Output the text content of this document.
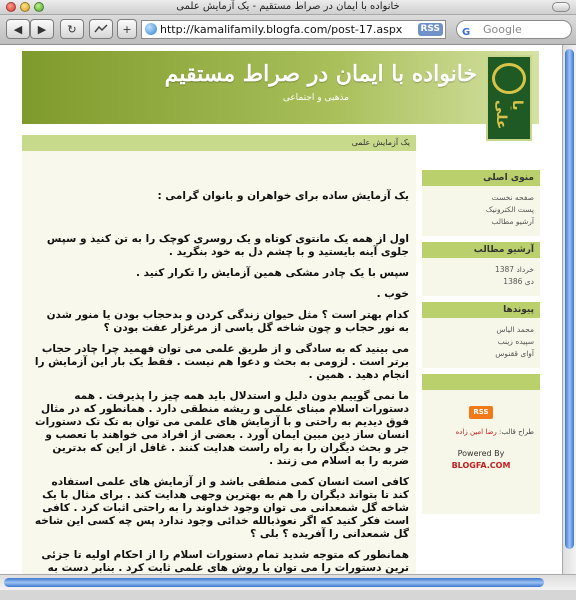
خانواده با ایمان در صراط مستقیم - یک آزمایش علمی
◀ ▶ ↻	+	http://kamalifamily.blogfa.com/post-17.aspx	RSS	G Google
خانواده با ایمان در صراط مستقیم
مذهبی و اجتماعی
یا علی
یک آزمایش علمی

یک آزمایش ساده برای خواهران و بانوان گرامی :

اول از همه یک مانتوی کوتاه و یک روسری کوچک را به تن کنید و سپس جلوی آینه بایستید و با چشم دل به خود بنگرید .

سپس با یک چادر مشکی همین آزمایش را تکرار کنید .

خوب .

کدام بهتر است ؟ مثل حیوان زندگی کردن و بدحجاب بودن یا منور شدن به نور حجاب و چون شاخه گل یاسی از مرغزار عفت بودن ؟

می بینید که به سادگی و از طریق علمی می توان فهمید چرا چادر حجاب برتر است . لزومی به بحث و دعوا هم نیست . فقط یک بار این آزمایش را انجام دهید . همین .

ما نمی گوییم بدون دلیل و استدلال باید همه چیز را پذیرفت . همه دستورات اسلام مبنای علمی و ریشه منطقی دارد . همانطور که در مثال فوق دیدیم به راحتی و با آزمایش های علمی می توان به تک تک دستورات انسان ساز دین مبین ایمان آورد . بعضی از افراد می خواهند با تعصب و جر و بحث دیگران را به راه راست هدایت کنند . غافل از این که بدترین ضربه را به اسلام می زنند .

کافی است انسان کمی منطقی باشد و از آزمایش های علمی استفاده کند تا بتواند دیگران را هم به بهترین وجهی هدایت کند . برای مثال با یک شاخه گل شمعدانی می توان وجود خداوند را به راحتی اثبات کرد . کافی است فکر کنید که اگر نعوذبالله خدائی وجود ندارد پس چه کسی این شاخه گل شمعدانی را آفریده ؟ بلی ؟

همانطور که متوجه شدید تمام دستورات اسلام را از احکام اولیه تا جزئی ترین دستورات را می توان با روش های علمی ثابت کرد . بنابر دست به

منوی اصلی
صفحه نخست
پست الکترونیک
آرشیو مطالب
آرشیو مطالب
خرداد 1387
دی 1386
پیوندها
محمد الیاس
سپیده زینب
آوای ققنوس
RSS
طراح قالب: رضا امین زاده
Powered By
BLOGFA.COM
